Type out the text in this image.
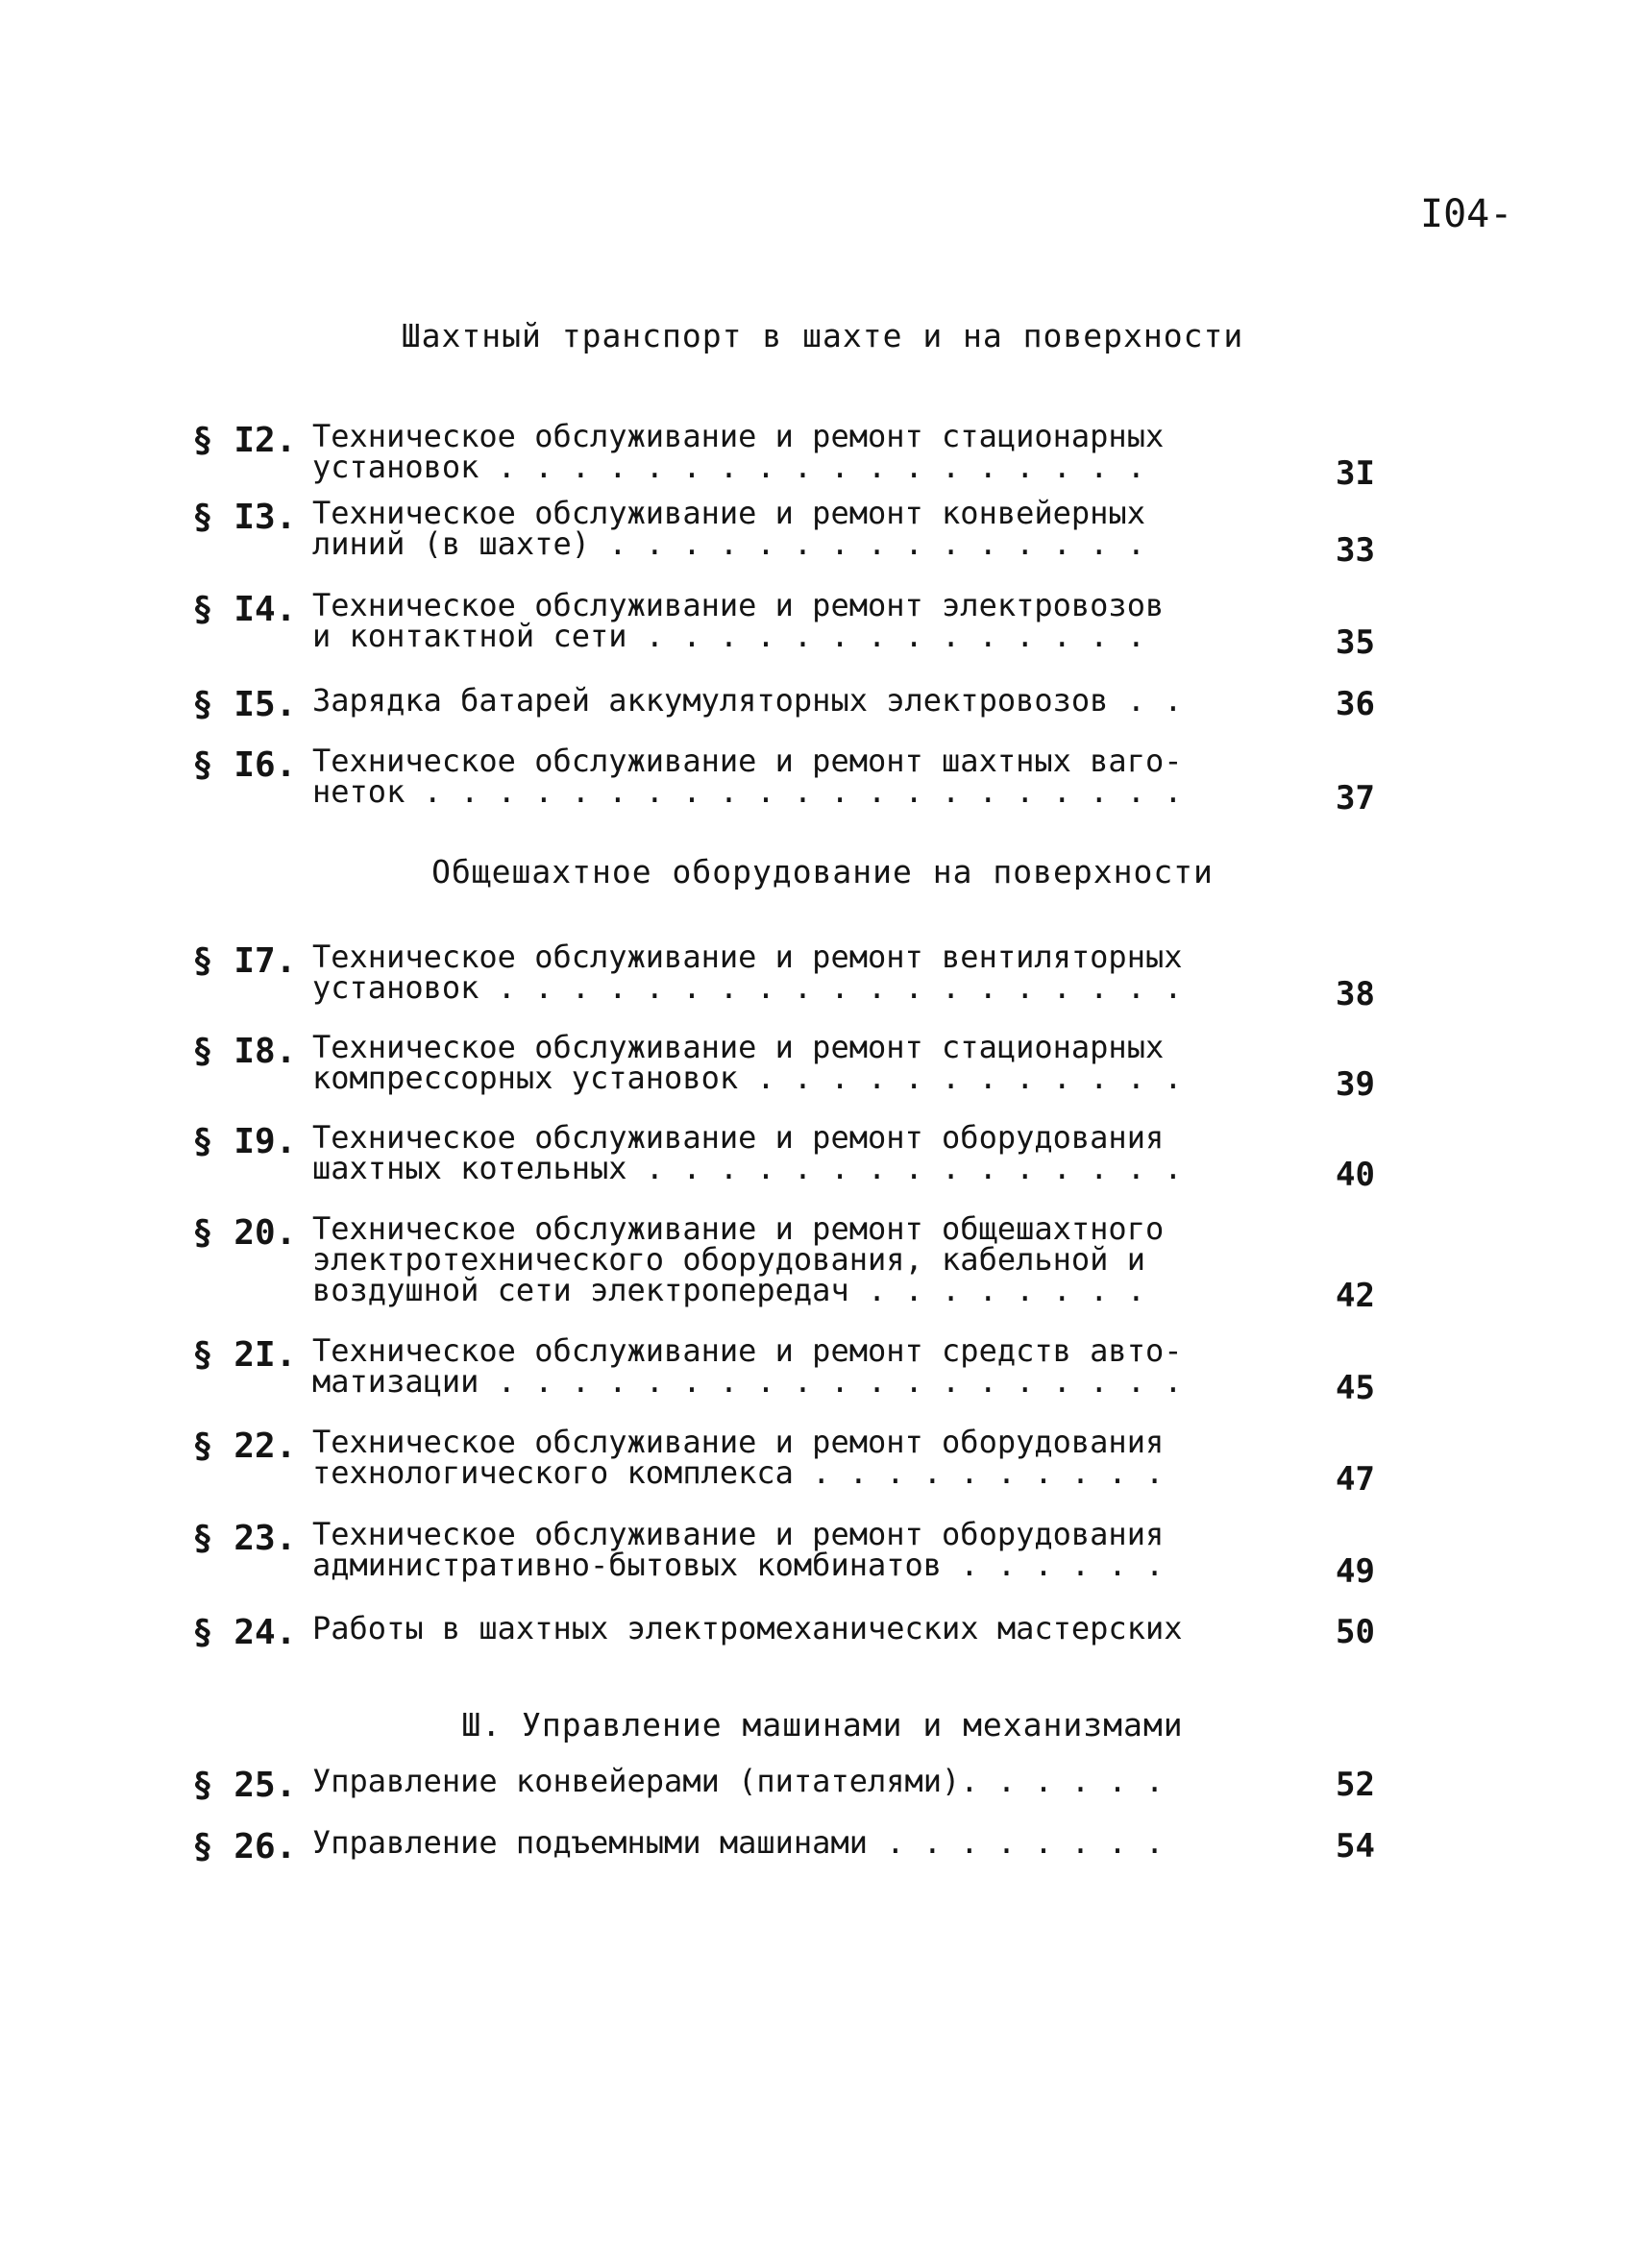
I04-
Шахтный транспорт в шахте и на поверхности
§ I2. Техническое обслуживание и ремонт стационарных
установок . . . . . . . . . . . . . . . . . .	3I
§ I3. Техническое обслуживание и ремонт конвейерных
линий (в шахте) . . . . . . . . . . . . . . .	33
§ I4. Техническое обслуживание и ремонт электровозов
и контактной сети . . . . . . . . . . . . . .	35
§ I5. Зарядка батарей аккумуляторных электровозов . .	36
§ I6. Техническое обслуживание и ремонт шахтных ваго-
неток . . . . . . . . . . . . . . . . . . . . .	37
Общешахтное оборудование на поверхности
§ I7. Техническое обслуживание и ремонт вентиляторных
установок . . . . . . . . . . . . . . . . . . .	38
§ I8. Техническое обслуживание и ремонт стационарных
компрессорных установок . . . . . . . . . . . .	39
§ I9. Техническое обслуживание и ремонт оборудования
шахтных котельных . . . . . . . . . . . . . . .	40
§ 20. Техническое обслуживание и ремонт общешахтного
электротехнического оборудования, кабельной и
воздушной сети электропередач . . . . . . . .	42
§ 2I. Техническое обслуживание и ремонт средств авто-
матизации . . . . . . . . . . . . . . . . . . .	45
§ 22. Техническое обслуживание и ремонт оборудования
технологического комплекса . . . . . . . . . .	47
§ 23. Техническое обслуживание и ремонт оборудования
административно-бытовых комбинатов . . . . . .	49
§ 24. Работы в шахтных электромеханических мастерских	50
Ш. Управление машинами и механизмами
§ 25. Управление конвейерами (питателями). . . . . .	52
§ 26. Управление подъемными машинами . . . . . . . .	54
